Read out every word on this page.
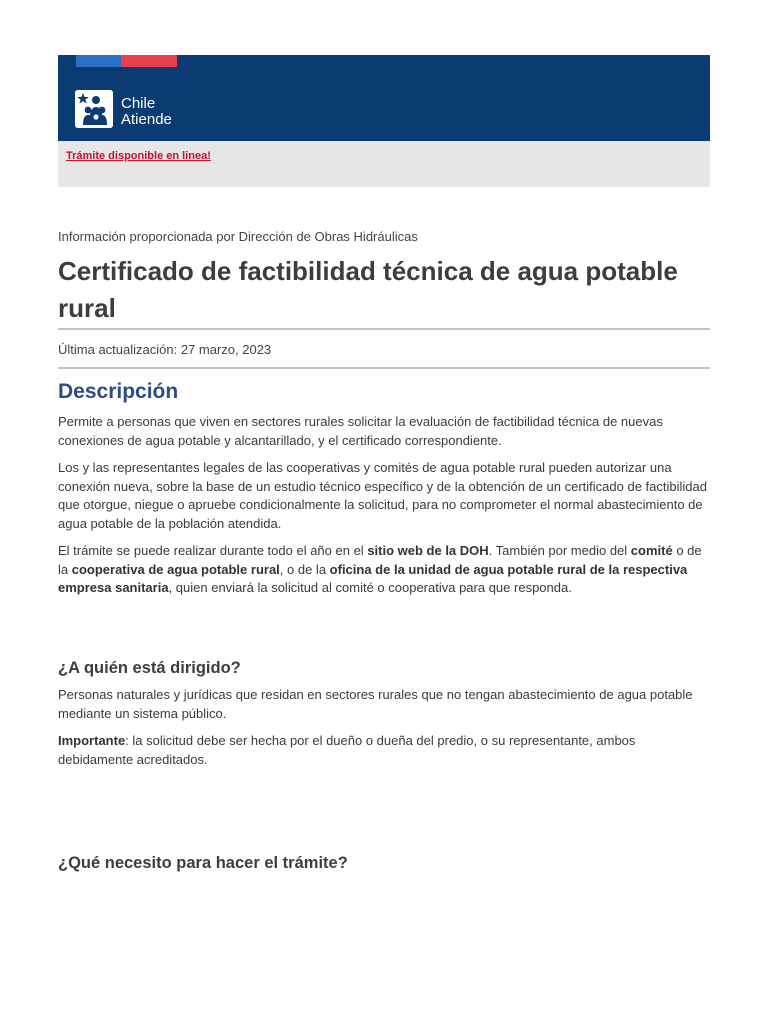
Chile
Atiende
Trámite disponible en linea!
Información proporcionada por Dirección de Obras Hidráulicas
Certificado de factibilidad técnica de agua potable rural
Última actualización: 27 marzo, 2023
Descripción

Permite a personas que viven en sectores rurales solicitar la evaluación de factibilidad técnica de nuevas conexiones de agua potable y alcantarillado, y el certificado correspondiente.

Los y las representantes legales de las cooperativas y comités de agua potable rural pueden autorizar una conexión nueva, sobre la base de un estudio técnico específico y de la obtención de un certificado de factibilidad que otorgue, niegue o apruebe condicionalmente la solicitud, para no comprometer el normal abastecimiento de agua potable de la población atendida.

El trámite se puede realizar durante todo el año en el sitio web de la DOH. También por medio del comité o de la cooperativa de agua potable rural, o de la oficina de la unidad de agua potable rural de la respectiva empresa sanitaria, quien enviará la solicitud al comité o cooperativa para que responda.

¿A quién está dirigido?

Personas naturales y jurídicas que residan en sectores rurales que no tengan abastecimiento de agua potable mediante un sistema público.

Importante: la solicitud debe ser hecha por el dueño o dueña del predio, o su representante, ambos debidamente acreditados.

¿Qué necesito para hacer el trámite?
